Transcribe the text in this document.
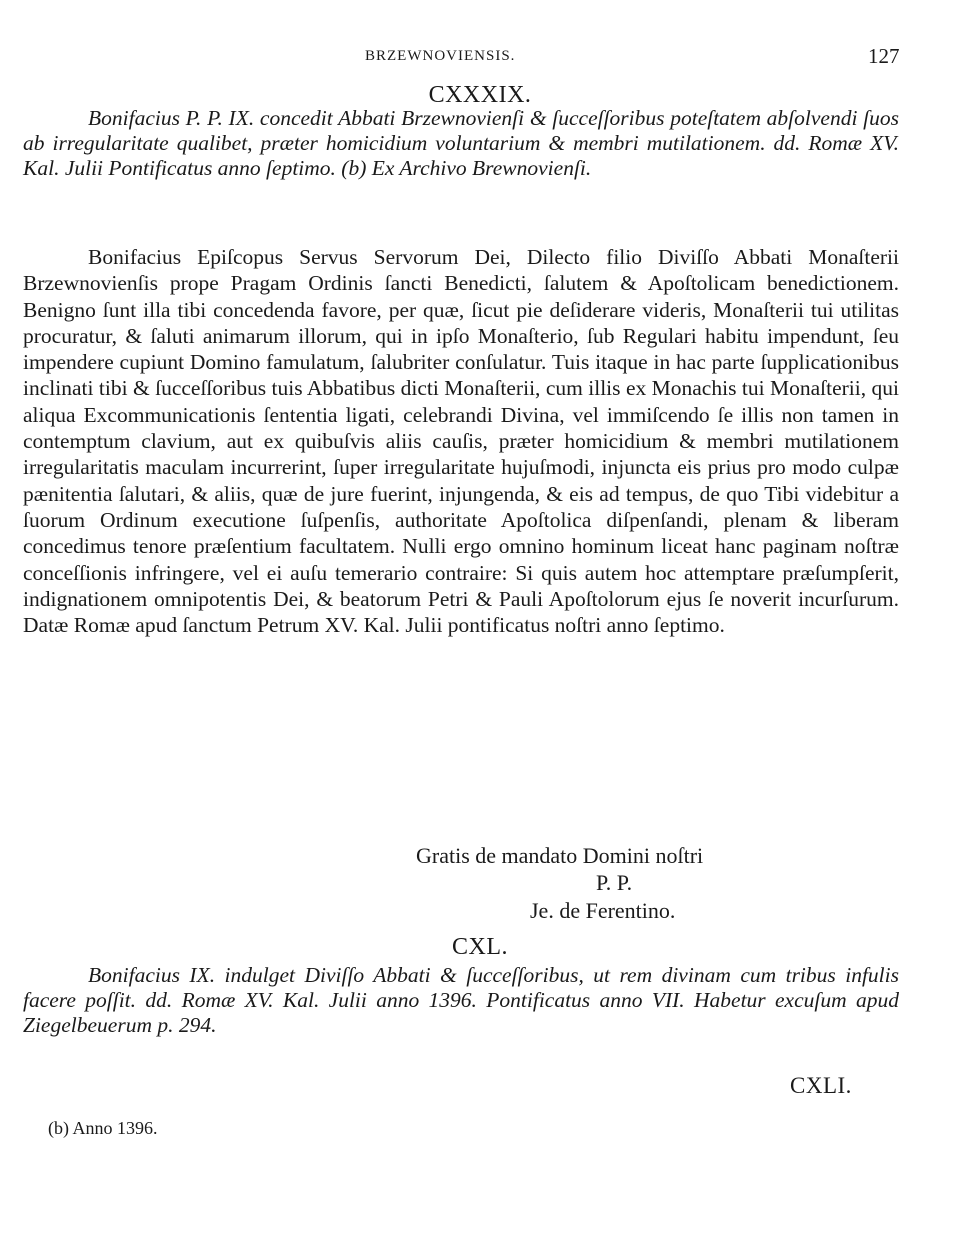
BRZEWNOVIENSIS.	127
CXXXIX.

Bonifacius P. P. IX. concedit Abbati Brzewnovienſi & ſucceſſoribus poteſtatem abſolvendi ſuos ab irregularitate qualibet, præter homicidium voluntarium & membri mutilationem. dd. Romæ XV. Kal. Julii Pontificatus anno ſeptimo. (b) Ex Archivo Brewnovienſi.

Bonifacius Epiſcopus Servus Servorum Dei, Dilecto filio Diviſſo Abbati Monaſterii Brzewnovienſis prope Pragam Ordinis ſancti Benedicti, ſalutem & Apoſtolicam benedictionem. Benigno ſunt illa tibi concedenda favore, per quæ, ſicut pie deſiderare videris, Monaſterii tui utilitas procuratur, & ſaluti animarum illorum, qui in ipſo Monaſterio, ſub Regulari habitu impendunt, ſeu impendere cupiunt Domino famulatum, ſalubriter conſulatur. Tuis itaque in hac parte ſupplicationibus inclinati tibi & ſucceſſoribus tuis Abbatibus dicti Monaſterii, cum illis ex Monachis tui Monaſterii, qui aliqua Excommunicationis ſententia ligati, celebrandi Divina, vel immiſcendo ſe illis non tamen in contemptum clavium, aut ex quibuſvis aliis cauſis, præter homicidium & membri mutilationem irregularitatis maculam incurrerint, ſuper irregularitate hujuſmodi, injuncta eis prius pro modo culpæ pænitentia ſalutari, & aliis, quæ de jure fuerint, injungenda, & eis ad tempus, de quo Tibi videbitur a ſuorum Ordinum executione ſuſpenſis, authoritate Apoſtolica diſpenſandi, plenam & liberam concedimus tenore præſentium facultatem. Nulli ergo omnino hominum liceat hanc paginam noſtræ conceſſionis infringere, vel ei auſu temerario contraire: Si quis autem hoc attemptare præſumpſerit, indignationem omnipotentis Dei, & beatorum Petri & Pauli Apoſtolorum ejus ſe noverit incurſurum. Datæ Romæ apud ſanctum Petrum XV. Kal. Julii pontificatus noſtri anno ſeptimo.

Gratis de mandato Domini noſtri
P. P.
Je. de Ferentino.
CXL.

Bonifacius IX. indulget Diviſſo Abbati & ſucceſſoribus, ut rem divinam cum tribus infulis facere poſſit. dd. Romæ XV. Kal. Julii anno 1396. Pontificatus anno VII. Habetur excuſum apud Ziegelbeuerum p. 294.

CXLI.
(b) Anno 1396.
